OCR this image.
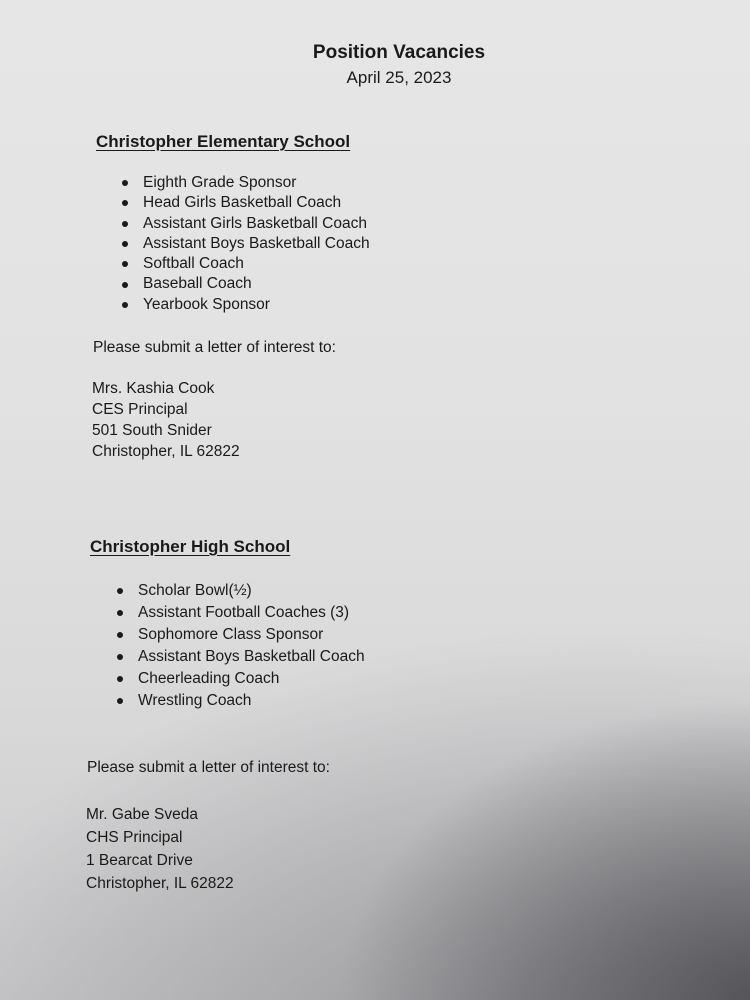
Position Vacancies
April 25, 2023
Christopher Elementary School
Eighth Grade Sponsor
Head Girls Basketball Coach
Assistant Girls Basketball Coach
Assistant Boys Basketball Coach
Softball Coach
Baseball Coach
Yearbook Sponsor
Please submit a letter of interest to:
Mrs. Kashia Cook
CES Principal
501 South Snider
Christopher, IL 62822
Christopher High School
Scholar Bowl(½)
Assistant Football Coaches (3)
Sophomore Class Sponsor
Assistant Boys Basketball Coach
Cheerleading Coach
Wrestling Coach
Please submit a letter of interest to:
Mr. Gabe Sveda
CHS Principal
1 Bearcat Drive
Christopher, IL 62822
